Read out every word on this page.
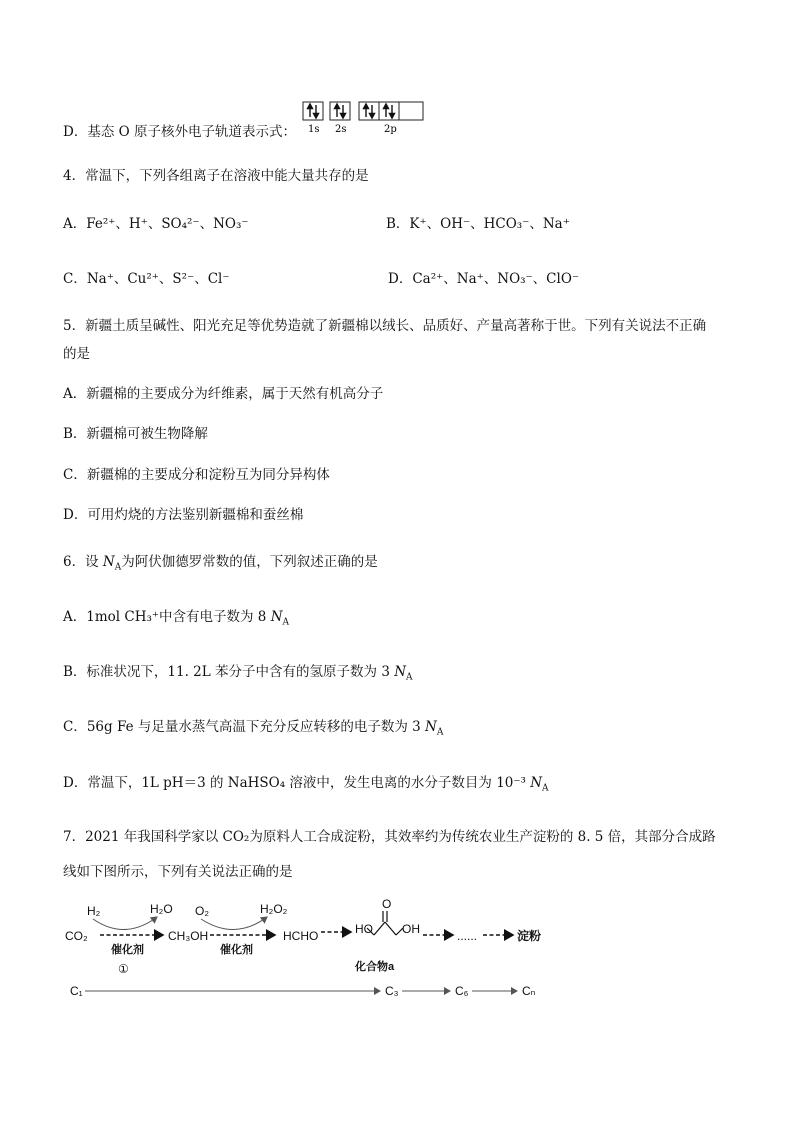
D．基态 O 原子核外电子轨道表示式： 1s 2s	2p
4．常温下，下列各组离子在溶液中能大量共存的是
A．Fe²⁺、H⁺、SO₄²⁻、NO₃⁻	B．K⁺、OH⁻、HCO₃⁻、Na⁺
C．Na⁺、Cu²⁺、S²⁻、Cl⁻	D．Ca²⁺、Na⁺、NO₃⁻、ClO⁻
5．新疆土质呈碱性、阳光充足等优势造就了新疆棉以绒长、品质好、产量高著称于世。下列有关说法不正确
的是
A．新疆棉的主要成分为纤维素，属于天然有机高分子
B．新疆棉可被生物降解
C．新疆棉的主要成分和淀粉互为同分异构体
D．可用灼烧的方法鉴别新疆棉和蚕丝棉
6．设 $N_A$为阿伏伽德罗常数的值，下列叙述正确的是
A．1mol CH₃⁺中含有电子数为 8 $N_A$
B．标准状况下，11. 2L 苯分子中含有的氢原子数为 3 $N_A$
C．56g Fe 与足量水蒸气高温下充分反应转移的电子数为 3 $N_A$
D．常温下，1L pH＝3 的 NaHSO₄ 溶液中，发生电离的水分子数目为 10⁻³ $N_A$
7．2021 年我国科学家以 CO₂为原料人工合成淀粉，其效率约为传统农业生产淀粉的 8. 5 倍，其部分合成路
线如下图所示，下列有关说法正确的是
CO₂
H₂	H₂O
催化剂
①
CH₃OH
O₂	H₂O₂
催化剂
HCHO	HO
O
OH
化合物a
......	淀粉
C₁	C₃	C₆	Cₙ
